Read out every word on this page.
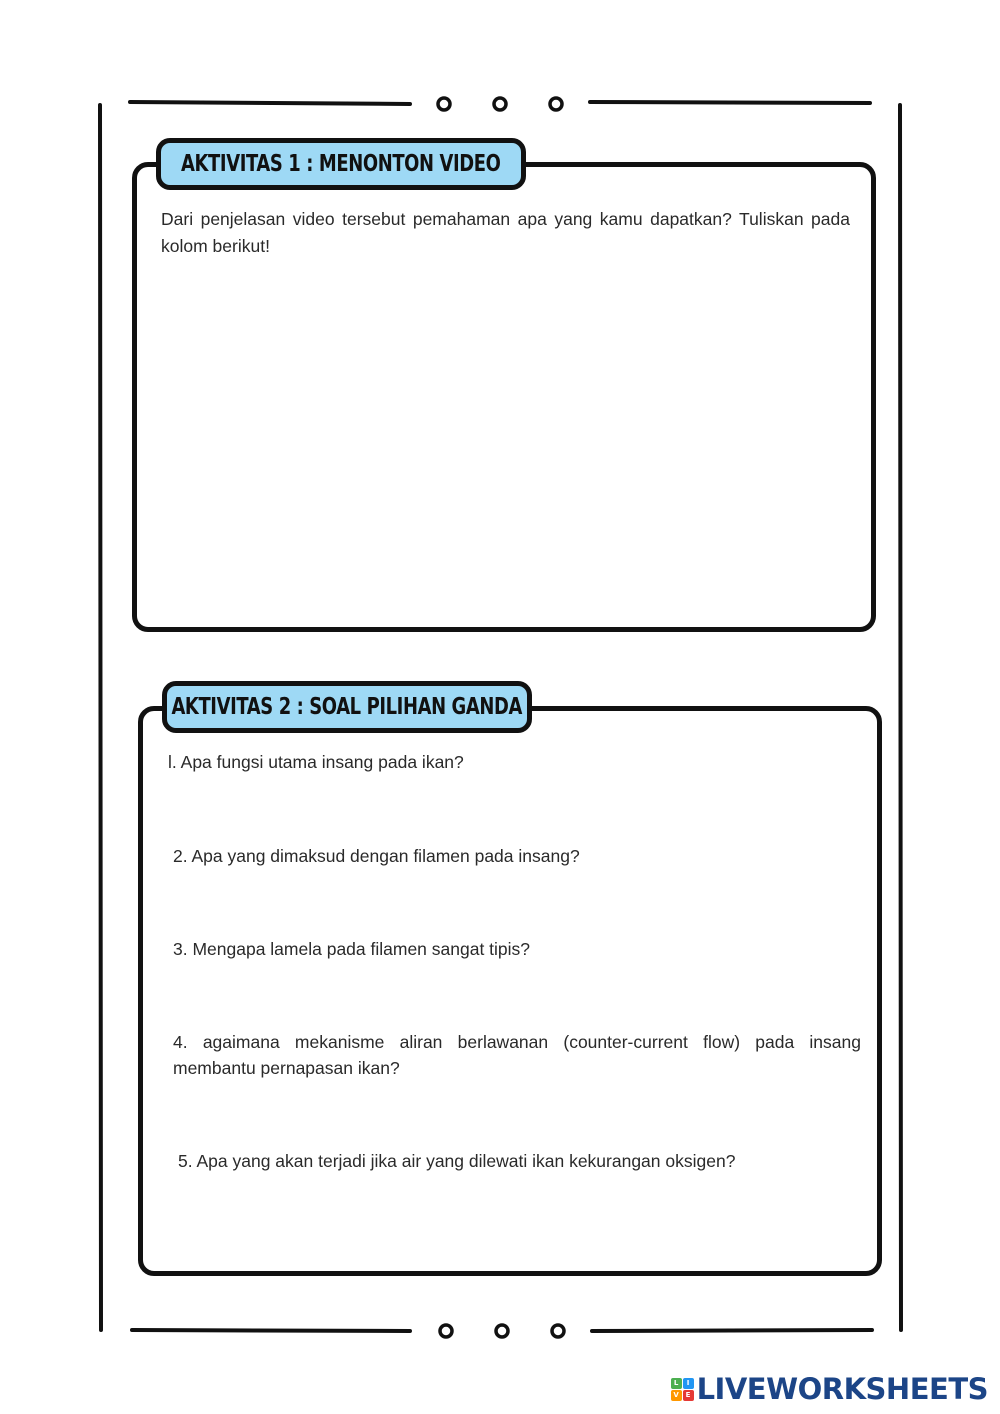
AKTIVITAS 1 : MENONTON VIDEO
Dari penjelasan video tersebut pemahaman apa yang kamu dapatkan? Tuliskan pada kolom berikut!
AKTIVITAS 2 : SOAL PILIHAN GANDA
l. Apa fungsi utama insang pada ikan?
2. Apa yang dimaksud dengan filamen pada insang?
3. Mengapa lamela pada filamen sangat tipis?
4. agaimana mekanisme aliran berlawanan (counter-current flow) pada insang membantu pernapasan ikan?
5. Apa yang akan terjadi jika air yang dilewati ikan kekurangan oksigen?
L	I
V E LIVEWORKSHEETS
